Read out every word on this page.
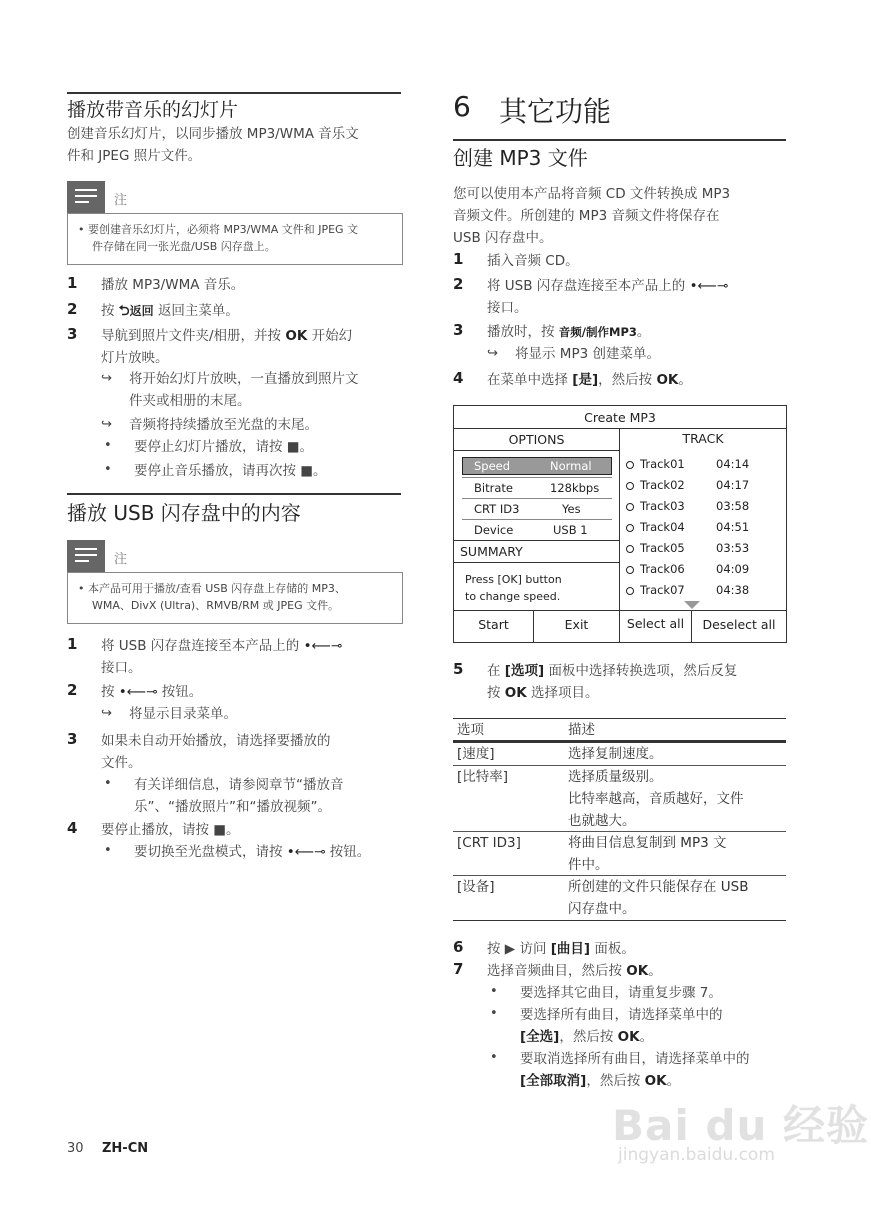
播放带音乐的幻灯片
创建音乐幻灯片，以同步播放 MP3/WMA 音乐文
件和 JPEG 照片文件。
注
• 要创建音乐幻灯片，必须将 MP3/WMA 文件和 JPEG 文
件存储在同一张光盘/USB 闪存盘上。
1 播放 MP3/WMA 音乐。
2 按 ⮌返回 返回主菜单。
3 导航到照片文件夹/相册，并按 OK 开始幻
灯片放映。
↪ 将开始幻灯片放映，一直播放到照片文
件夹或相册的末尾。
↪ 音频将持续播放至光盘的末尾。
• 要停止幻灯片播放，请按 ■。
• 要停止音乐播放，请再次按 ■。
播放 USB 闪存盘中的内容
注
• 本产品可用于播放/查看 USB 闪存盘上存储的 MP3、
WMA、DivX (Ultra)、RMVB/RM 或 JPEG 文件。
1 将 USB 闪存盘连接至本产品上的 •⟵⊸
接口。
2 按 •⟵⊸ 按钮。
↪ 将显示目录菜单。
3 如果未自动开始播放，请选择要播放的
文件。
• 有关详细信息，请参阅章节“播放音
乐”、“播放照片”和“播放视频”。
4 要停止播放，请按 ■。
• 要切换至光盘模式，请按 •⟵⊸ 按钮。
30 ZH-CN
6 其它功能
创建 MP3 文件
您可以使用本产品将音频 CD 文件转换成 MP3
音频文件。所创建的 MP3 音频文件将保存在
USB 闪存盘中。
1 插入音频 CD。
2 将 USB 闪存盘连接至本产品上的 •⟵⊸
接口。
3 播放时，按 音频/制作MP3。
↪ 将显示 MP3 创建菜单。
4 在菜单中选择 [是]，然后按 OK。
Create MP3
OPTIONS	TRACK
Speed	Normal
Bitrate	128kbps
CRT ID3	Yes
Device	USB 1
SUMMARY
Press [OK] button
to change speed.
Track01	04:14
Track02	04:17
Track03	03:58
Track04	04:51
Track05	03:53
Track06	04:09
Track07	04:38
Start	Exit	Select all	Deselect all
5 在 [选项] 面板中选择转换选项，然后反复
按 OK 选择项目。
选项	描述
[速度]	选择复制速度。
[比特率]	选择质量级别。
比特率越高，音质越好，文件
也就越大。
[CRT ID3]	将曲目信息复制到 MP3 文
件中。
[设备]	所创建的文件只能保存在 USB
闪存盘中。
6 按 ▶ 访问 [曲目] 面板。
7 选择音频曲目，然后按 OK。
• 要选择其它曲目，请重复步骤 7。
• 要选择所有曲目，请选择菜单中的
[全选]，然后按 OK。
• 要取消选择所有曲目，请选择菜单中的
[全部取消]，然后按 OK。
Bai du 经验
jingyan.baidu.com
